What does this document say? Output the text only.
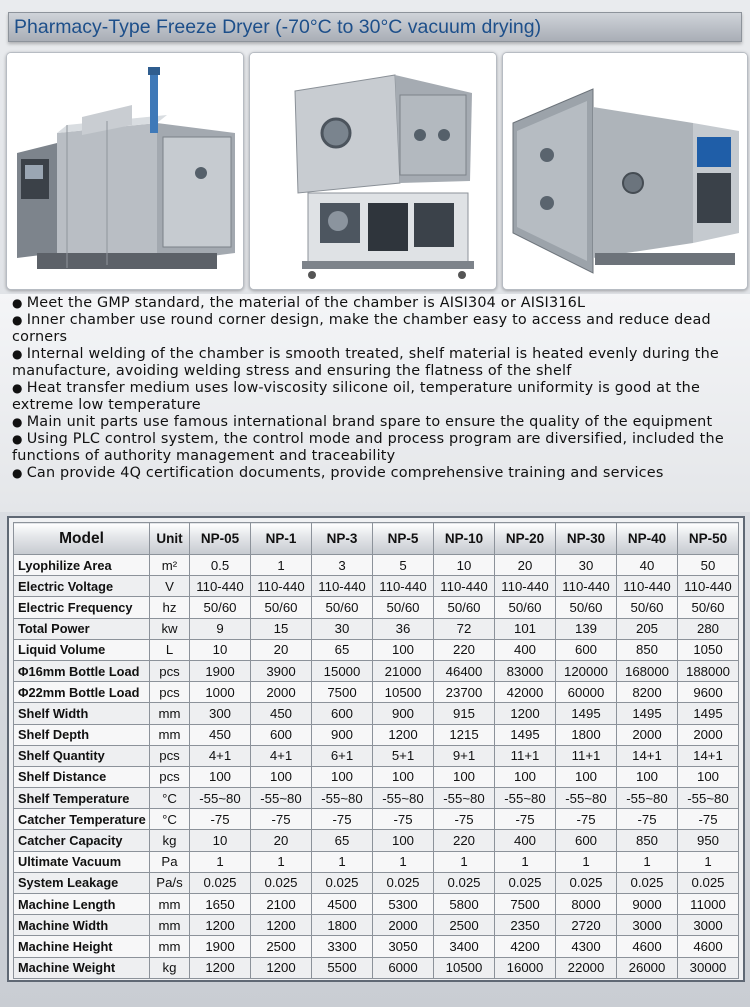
Pharmacy-Type Freeze Dryer (-70°C to 30°C vacuum drying)
● Meet the GMP standard, the material of the chamber is AISI304 or AISI316L
● Inner chamber use round corner design, make the chamber easy to access and reduce dead corners
● Internal welding of the chamber is smooth treated, shelf material is heated evenly during the manufacture, avoiding welding stress and ensuring the flatness of the shelf
● Heat transfer medium uses low-viscosity silicone oil, temperature uniformity is good at the extreme low temperature
● Main unit parts use famous international brand spare to ensure the quality of the equipment
● Using PLC control system, the control mode and process program are diversified, included the functions of authority management and traceability
● Can provide 4Q certification documents, provide comprehensive training and services
Model	Unit	NP-05	NP-1	NP-3	NP-5	NP-10	NP-20	NP-30	NP-40	NP-50
Lyophilize Area	m²	0.5	1	3	5	10	20	30	40	50
Electric Voltage	V	110-440	110-440	110-440	110-440	110-440	110-440	110-440	110-440	110-440
Electric Frequency	hz	50/60	50/60	50/60	50/60	50/60	50/60	50/60	50/60	50/60
Total Power	kw	9	15	30	36	72	101	139	205	280
Liquid Volume	L	10	20	65	100	220	400	600	850	1050
Φ16mm Bottle Load	pcs	1900	3900	15000	21000	46400	83000	120000	168000	188000
Φ22mm Bottle Load	pcs	1000	2000	7500	10500	23700	42000	60000	8200	9600
Shelf Width	mm	300	450	600	900	915	1200	1495	1495	1495
Shelf Depth	mm	450	600	900	1200	1215	1495	1800	2000	2000
Shelf Quantity	pcs	4+1	4+1	6+1	5+1	9+1	11+1	11+1	14+1	14+1
Shelf Distance	pcs	100	100	100	100	100	100	100	100	100
Shelf Temperature	°C	-55~80	-55~80	-55~80	-55~80	-55~80	-55~80	-55~80	-55~80	-55~80
Catcher Temperature	°C	-75	-75	-75	-75	-75	-75	-75	-75	-75
Catcher Capacity	kg	10	20	65	100	220	400	600	850	950
Ultimate Vacuum	Pa	1	1	1	1	1	1	1	1	1
System Leakage	Pa/s	0.025	0.025	0.025	0.025	0.025	0.025	0.025	0.025	0.025
Machine Length	mm	1650	2100	4500	5300	5800	7500	8000	9000	11000
Machine Width	mm	1200	1200	1800	2000	2500	2350	2720	3000	3000
Machine Height	mm	1900	2500	3300	3050	3400	4200	4300	4600	4600
Machine Weight	kg	1200	1200	5500	6000	10500	16000	22000	26000	30000
